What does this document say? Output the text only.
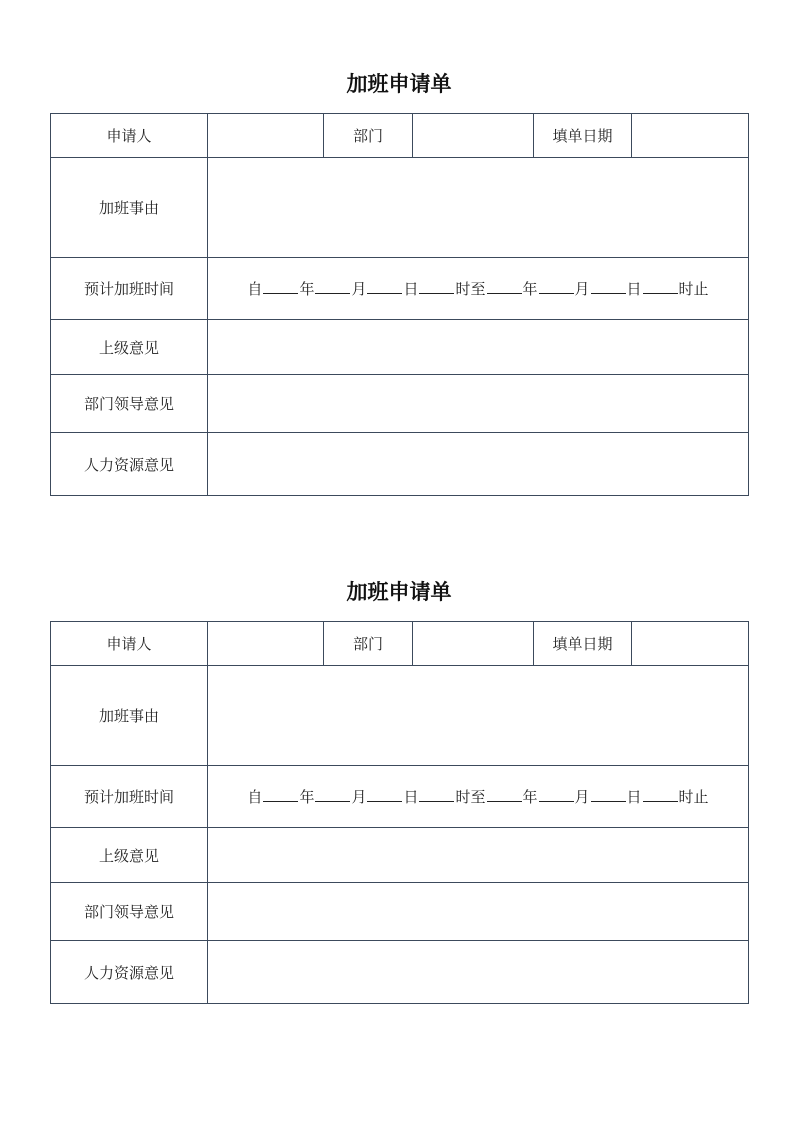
加班申请单
申请人		部门		填单日期	
加班事由					
预计加班时间	自 年 月 日 时至 年 月 日 时止				
上级意见					
部门领导意见					
人力资源意见					
加班申请单
申请人		部门		填单日期	
加班事由					
预计加班时间	自 年 月 日 时至 年 月 日 时止				
上级意见					
部门领导意见					
人力资源意见					
